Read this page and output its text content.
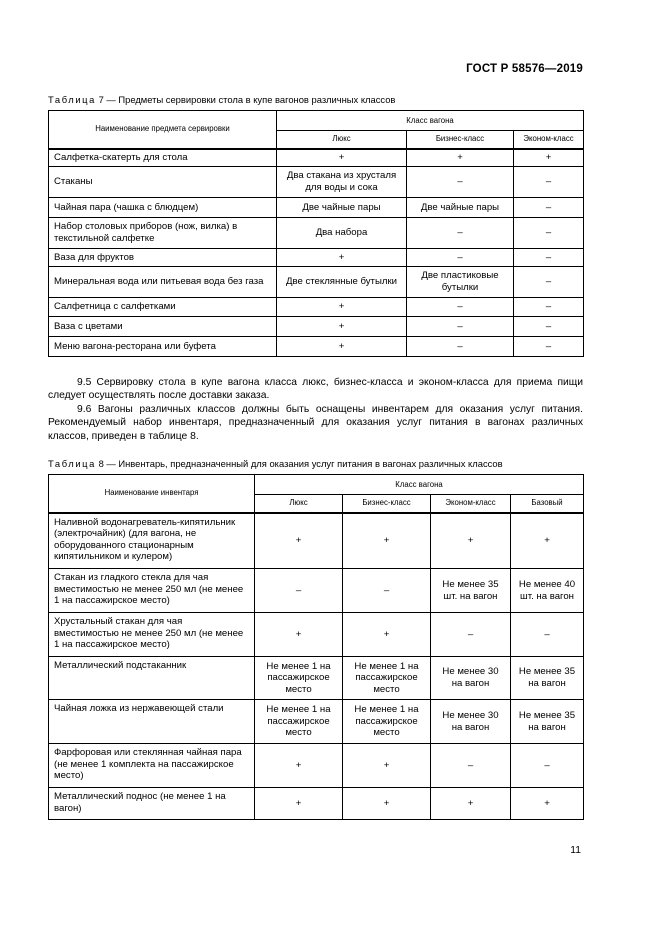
ГОСТ Р 58576—2019
Таблица 7 — Предметы сервировки стола в купе вагонов различных классов
Наименование предмета сервировки	Класс вагона		
	Люкс	Бизнес-класс	Эконом-класс
Салфетка-скатерть для стола	+	+	+
Стаканы	Два стакана из хрусталя для воды и сока	–	–
Чайная пара (чашка с блюдцем)	Две чайные пары	Две чайные пары	–
Набор столовых приборов (нож, вилка) в текстильной салфетке	Два набора	–	–
Ваза для фруктов	+	–	–
Минеральная вода или питьевая вода без газа	Две стеклянные бутылки	Две пластиковые бутылки	–
Салфетница с салфетками	+	–	–
Ваза с цветами	+	–	–
Меню вагона-ресторана или буфета	+	–	–

9.5 Сервировку стола в купе вагона класса люкс, бизнес-класса и эконом-класса для приема пищи следует осуществлять после доставки заказа.

9.6 Вагоны различных классов должны быть оснащены инвентарем для оказания услуг питания. Рекомендуемый набор инвентаря, предназначенный для оказания услуг питания в вагонах различных классов, приведен в таблице 8.

Таблица 8 — Инвентарь, предназначенный для оказания услуг питания в вагонах различных классов
Наименование инвентаря	Класс вагона			
	Люкс	Бизнес-класс	Эконом-класс	Базовый
Наливной водонагреватель-кипятильник (электрочайник) (для вагона, не оборудованного стационарным кипятильником и кулером)	+	+	+	+
Стакан из гладкого стекла для чая вместимостью не менее 250 мл (не менее 1 на пассажирское место)	–	–	Не менее 35 шт. на вагон	Не менее 40 шт. на вагон
Хрустальный стакан для чая вместимостью не менее 250 мл (не менее 1 на пассажирское место)	+	+	–	–
Металлический подстаканник	Не менее 1 на пассажирское место	Не менее 1 на пассажирское место	Не менее 30 на вагон	Не менее 35 на вагон
Чайная ложка из нержавеющей стали	Не менее 1 на пассажирское место	Не менее 1 на пассажирское место	Не менее 30 на вагон	Не менее 35 на вагон
Фарфоровая или стеклянная чайная пара (не менее 1 комплекта на пассажирское место)	+	+	–	–
Металлический поднос (не менее 1 на вагон)	+	+	+	+
11
